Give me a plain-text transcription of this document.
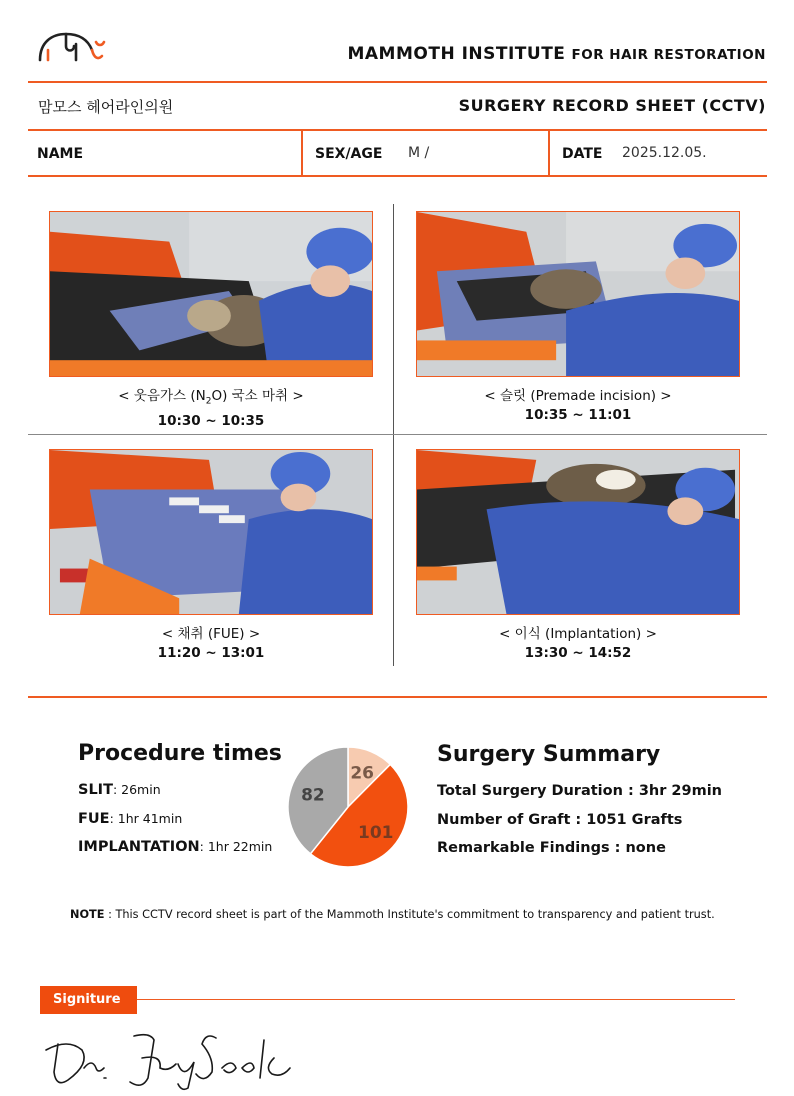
MAMMOTH INSTITUTE FOR HAIR RESTORATION
맘모스 헤어라인의원	SURGERY RECORD SHEET (CCTV)
NAME	SEX/AGE M /	DATE 2025.12.05.
< 웃음가스 $(N_2O)$ 국소 마취 >
10:30 ~ 10:35
< 슬릿 (Premade incision) >
10:35 ~ 11:01
< 채취 (FUE) >
11:20 ~ 13:01
< 이식 (Implantation) >
13:30 ~ 14:52
Procedure times
SLIT: 26min
FUE: 1hr 41min
IMPLANTATION: 1hr 22min
26
101
82
Surgery Summary
Total Surgery Duration : 3hr 29min
Number of Graft : 1051 Grafts
Remarkable Findings : none
NOTE : This CCTV record sheet is part of the Mammoth Institute's commitment to transparency and patient trust.
Signiture
